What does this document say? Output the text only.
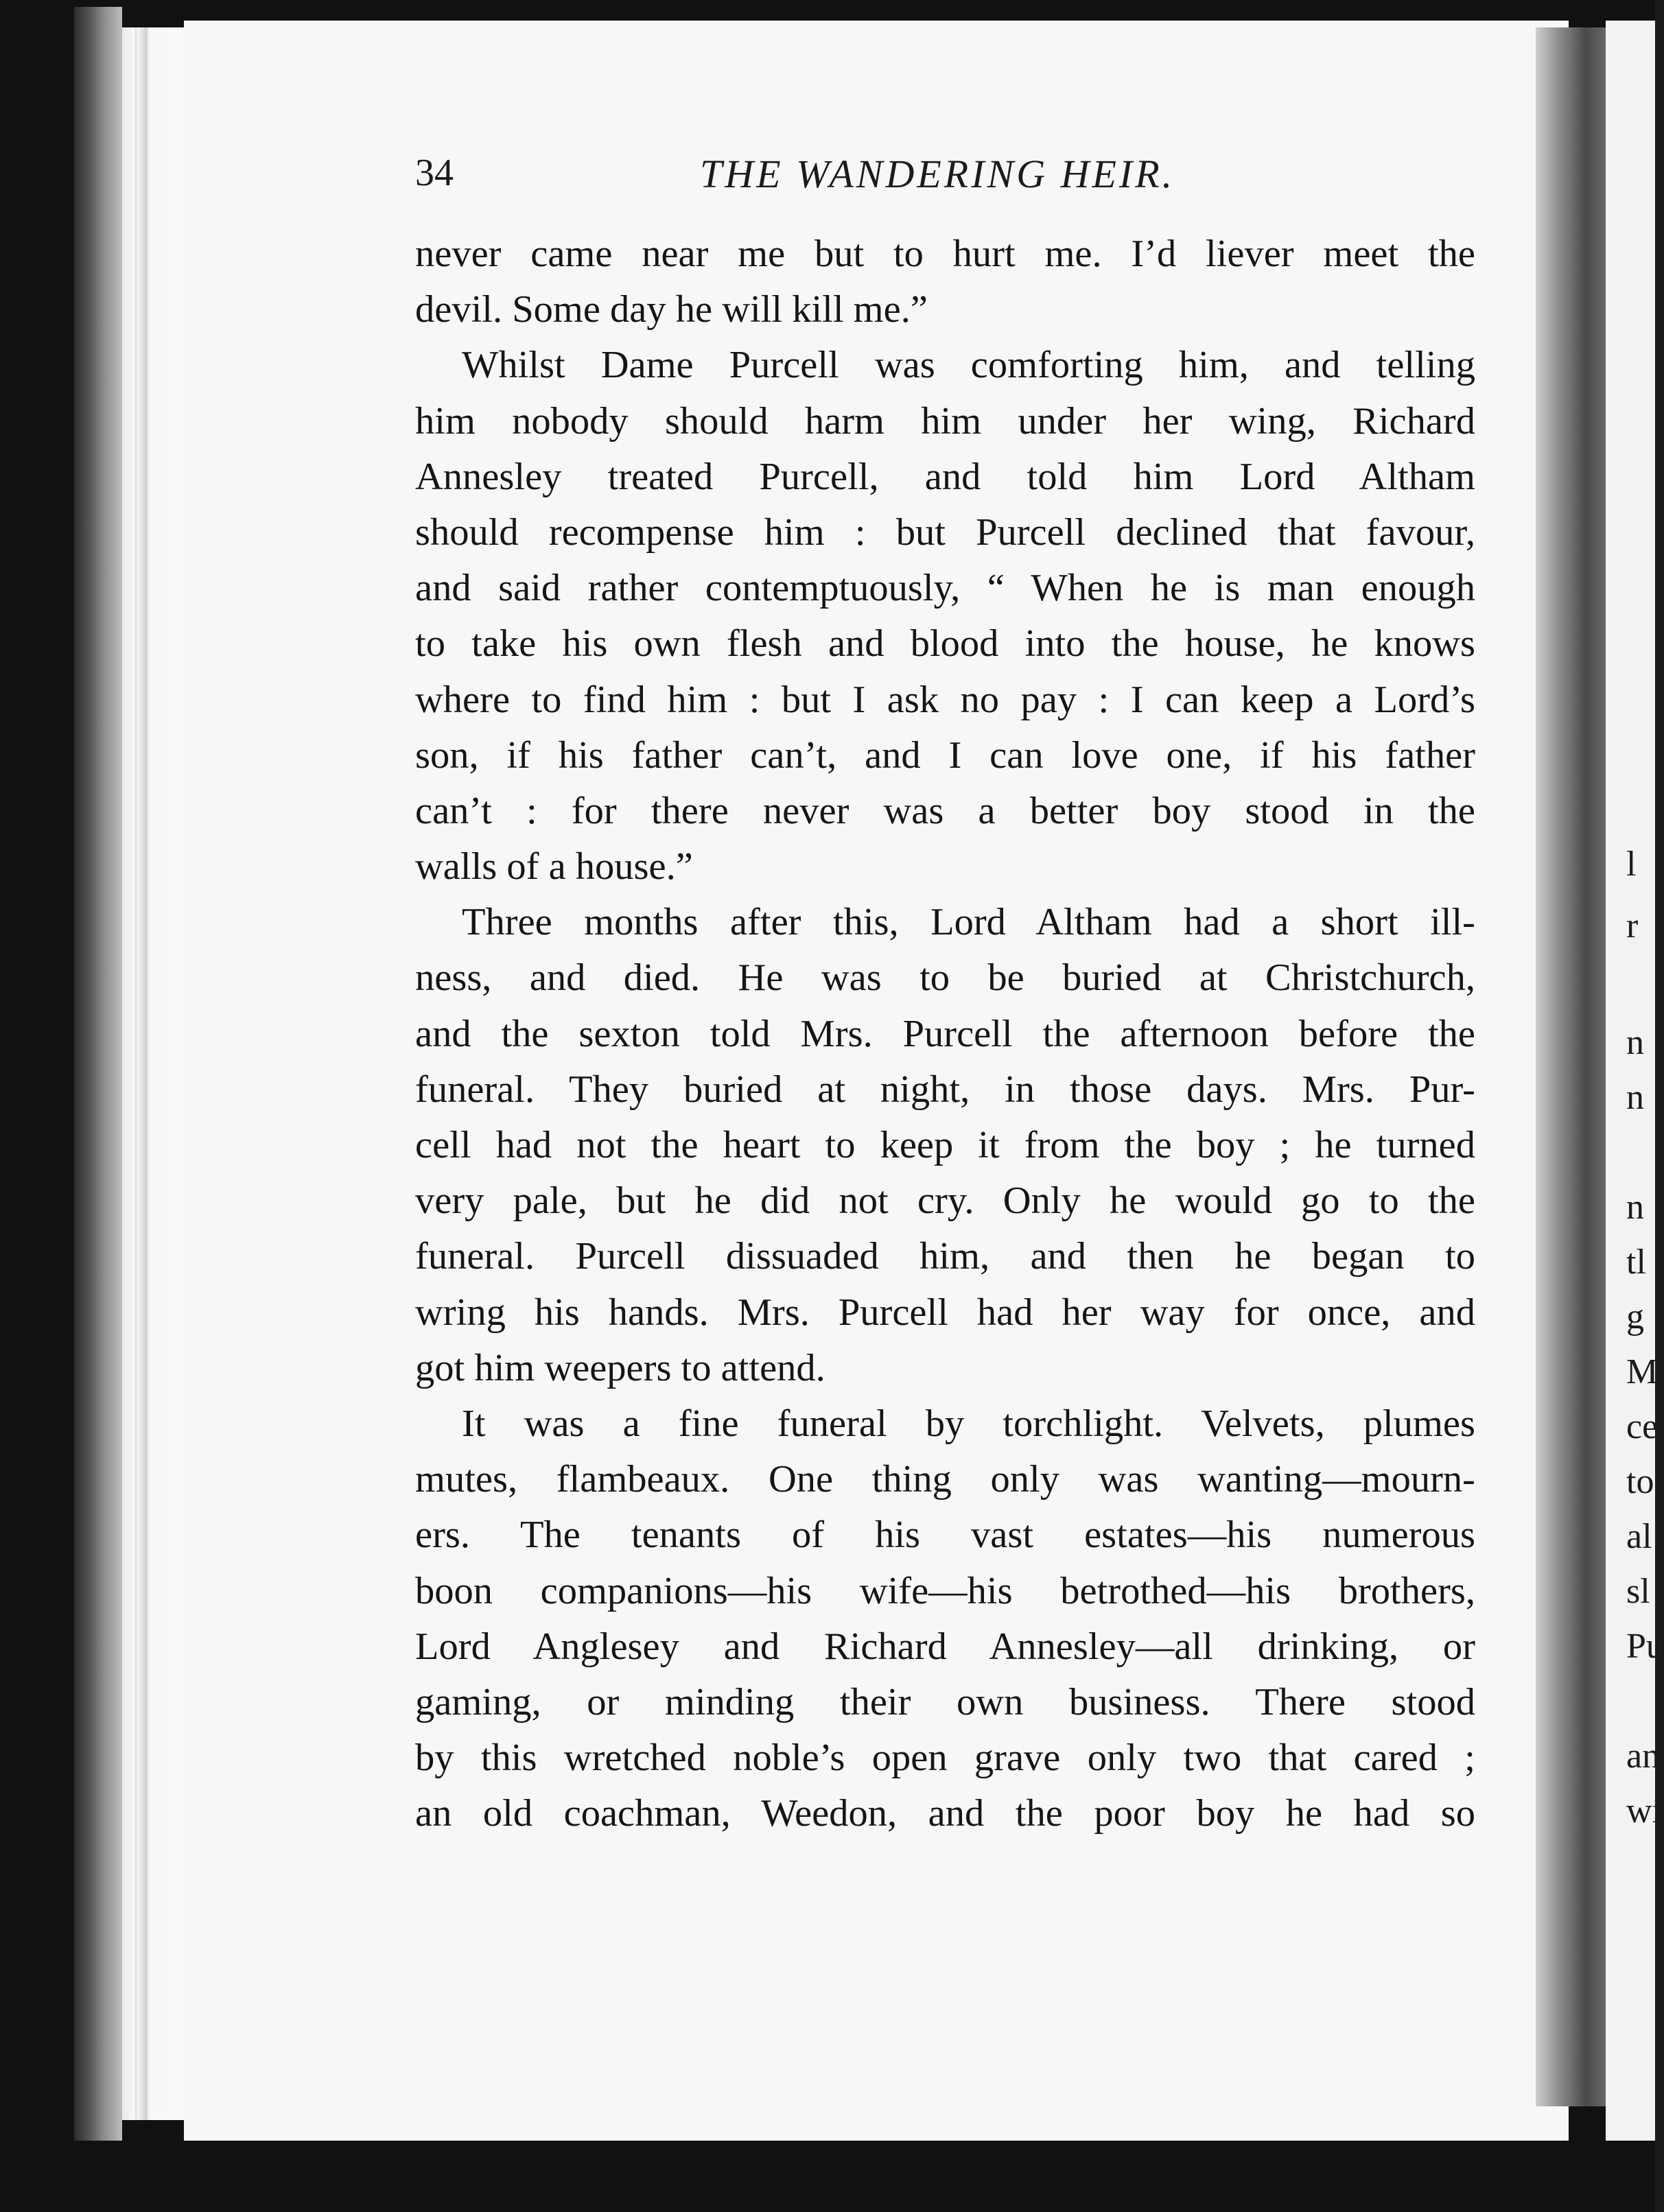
34	THE WANDERING HEIR.
never came near me but to hurt me. I’d liever meet the
devil. Some day he will kill me.”
Whilst Dame Purcell was comforting him, and telling
him nobody should harm him under her wing, Richard
Annesley treated Purcell, and told him Lord Altham
should recompense him : but Purcell declined that favour,
and said rather contemptuously, “ When he is man enough
to take his own flesh and blood into the house, he knows
where to find him : but I ask no pay : I can keep a Lord’s
son, if his father can’t, and I can love one, if his father
can’t : for there never was a better boy stood in the
walls of a house.”
Three months after this, Lord Altham had a short ill-
ness, and died. He was to be buried at Christchurch,
and the sexton told Mrs. Purcell the afternoon before the
funeral. They buried at night, in those days. Mrs. Pur-
cell had not the heart to keep it from the boy ; he turned
very pale, but he did not cry. Only he would go to the
funeral. Purcell dissuaded him, and then he began to
wring his hands. Mrs. Purcell had her way for once, and
got him weepers to attend.
It was a fine funeral by torchlight. Velvets, plumes
mutes, flambeaux. One thing only was wanting—mourn-
ers. The tenants of his vast estates—his numerous
boon companions—his wife—his betrothed—his brothers,
Lord Anglesey and Richard Annesley—all drinking, or
gaming, or minding their own business. There stood
by this wretched noble’s open grave only two that cared ;
an old coachman, Weedon, and the poor boy he had so
l
r
n
n
n
tl
g
M
ce
to
al
sl
Pu
an
wi
